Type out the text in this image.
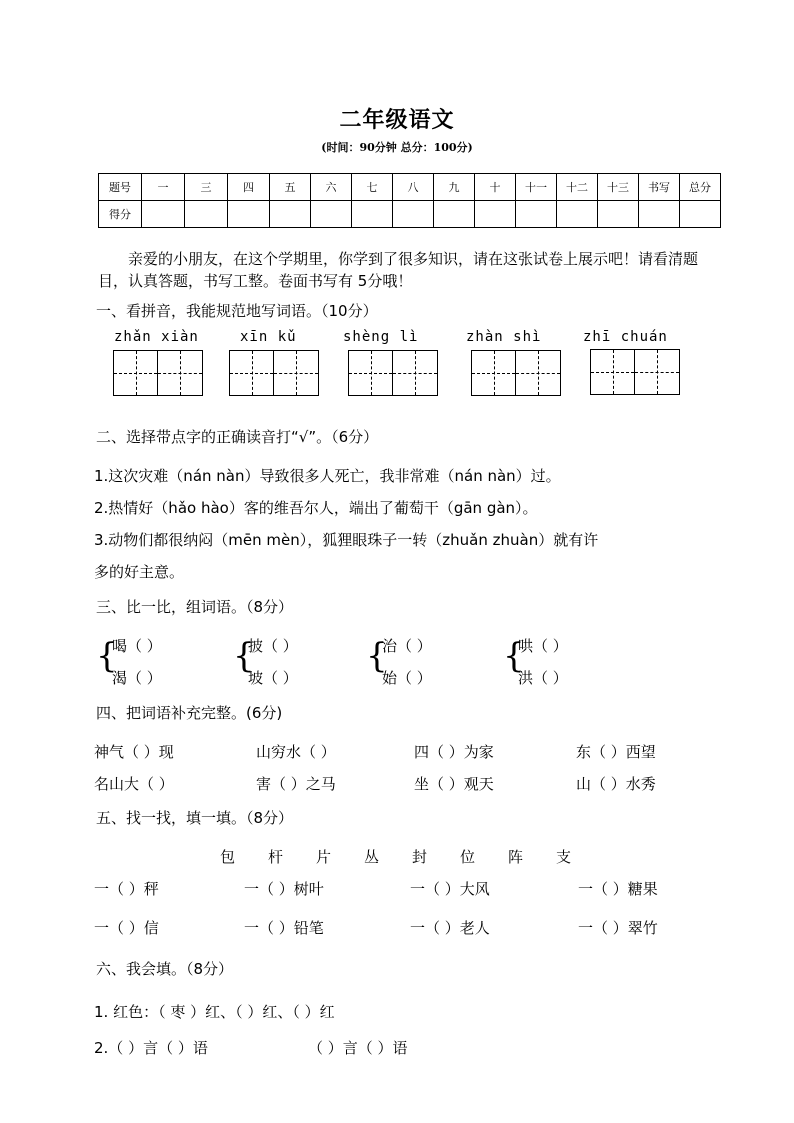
二年级语文
(时间：90分钟 总分：100分)
题号	一	三	四	五	六	七	八	九	十	十一	十二	十三	书写	总分
得分														
亲爱的小朋友，在这个学期里，你学到了很多知识，请在这张试卷上展示吧！请看清题目，认真答题，书写工整。卷面书写有 5分哦！
一、看拼音，我能规范地写词语。（10分）
zhǎn xiàn	xīn kǔ	shèng lì	zhàn shì	zhī chuán
二、选择带点字的正确读音打“√”。（6分）
1.这次灾难（nán nàn）导致很多人死亡，我非常难（nán nàn）过。
2.热情好（hǎo hào）客的维吾尔人，端出了葡萄干（gān gàn）。
3.动物们都很纳闷（mēn mèn），狐狸眼珠子一转（zhuǎn zhuàn）就有许
多的好主意。
三、比一比，组词语。（8分）
{
喝（ ）
渴（ ）
{
披（ ）
坡（ ）
{
治（ ）
始（ ）
{
哄（ ）
洪（ ）
四、把词语补充完整。(6分)
神气（ ）现	山穷水（ ）	四（ ）为家	东（ ）西望
名山大（ ）	害（ ）之马	坐（ ）观天	山（ ）水秀
五、找一找，填一填。（8分）
包 杆 片 丛 封 位 阵 支
一（ ）秤	一（ ）树叶	一（ ）大风	一（ ）糖果
一（ ）信	一（ ）铅笔	一（ ）老人	一（ ）翠竹
六、我会填。（8分）
1. 红色：（ 枣 ）红、（ ）红、（ ）红
2.（ ）言（ ）语	（ ）言（ ）语
